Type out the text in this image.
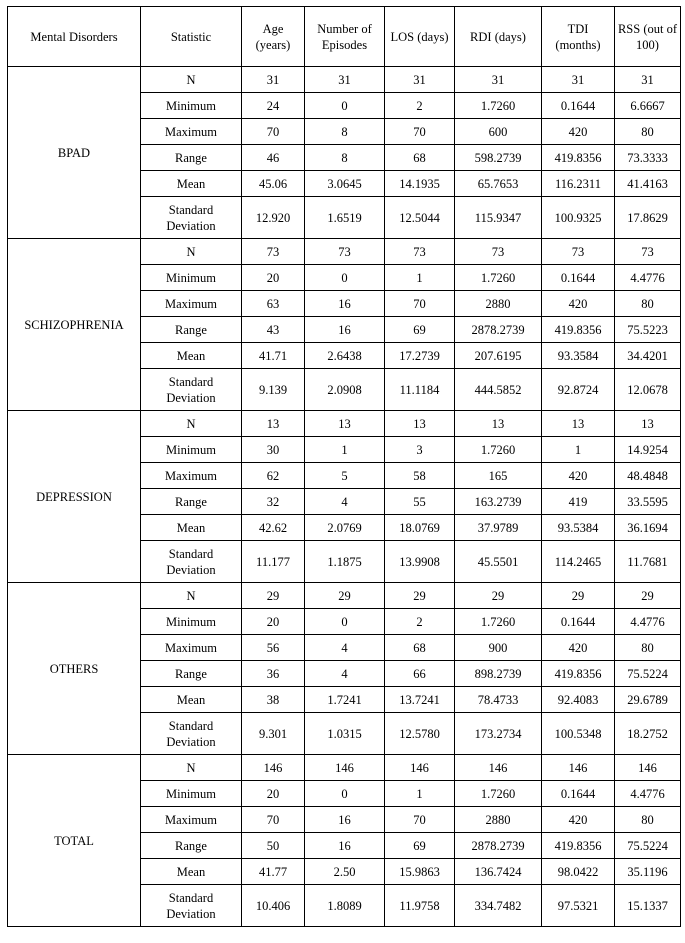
Mental Disorders	Statistic	Age (years)	Number of Episodes	LOS (days)	RDI (days)	TDI (months)	RSS (out of 100)
BPAD	N	31	31	31	31	31	31
	Minimum	24	0	2	1.7260	0.1644	6.6667
	Maximum	70	8	70	600	420	80
	Range	46	8	68	598.2739	419.8356	73.3333
	Mean	45.06	3.0645	14.1935	65.7653	116.2311	41.4163
	Standard Deviation	12.920	1.6519	12.5044	115.9347	100.9325	17.8629
SCHIZOPHRENIA	N	73	73	73	73	73	73
	Minimum	20	0	1	1.7260	0.1644	4.4776
	Maximum	63	16	70	2880	420	80
	Range	43	16	69	2878.2739	419.8356	75.5223
	Mean	41.71	2.6438	17.2739	207.6195	93.3584	34.4201
	Standard Deviation	9.139	2.0908	11.1184	444.5852	92.8724	12.0678
DEPRESSION	N	13	13	13	13	13	13
	Minimum	30	1	3	1.7260	1	14.9254
	Maximum	62	5	58	165	420	48.4848
	Range	32	4	55	163.2739	419	33.5595
	Mean	42.62	2.0769	18.0769	37.9789	93.5384	36.1694
	Standard Deviation	11.177	1.1875	13.9908	45.5501	114.2465	11.7681
OTHERS	N	29	29	29	29	29	29
	Minimum	20	0	2	1.7260	0.1644	4.4776
	Maximum	56	4	68	900	420	80
	Range	36	4	66	898.2739	419.8356	75.5224
	Mean	38	1.7241	13.7241	78.4733	92.4083	29.6789
	Standard Deviation	9.301	1.0315	12.5780	173.2734	100.5348	18.2752
TOTAL	N	146	146	146	146	146	146
	Minimum	20	0	1	1.7260	0.1644	4.4776
	Maximum	70	16	70	2880	420	80
	Range	50	16	69	2878.2739	419.8356	75.5224
	Mean	41.77	2.50	15.9863	136.7424	98.0422	35.1196
	Standard Deviation	10.406	1.8089	11.9758	334.7482	97.5321	15.1337
